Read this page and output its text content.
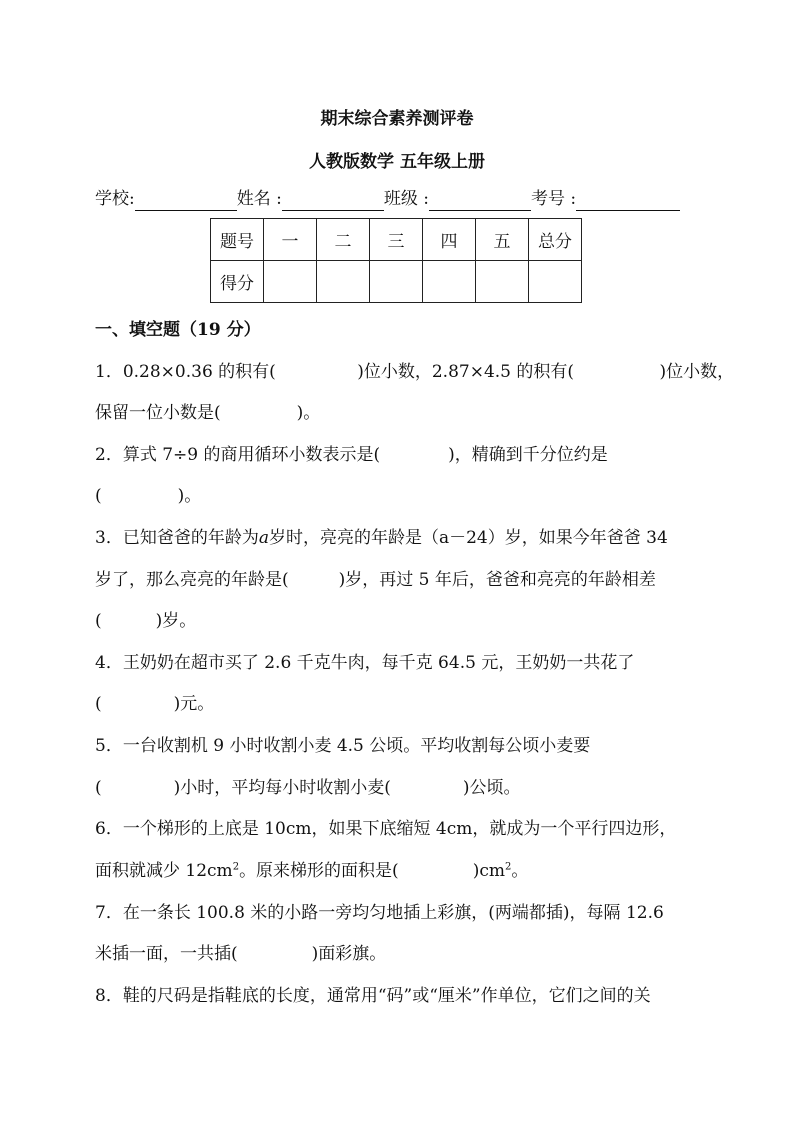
期末综合素养测评卷
人教版数学 五年级上册
学校:	姓名 :	班级 :	考号 :
题号	一	二	三	四	五	总分
得分						
一、填空题（19 分）
1．0.28×0.36 的积有(	)位小数，2.87×4.5 的积有(	)位小数，
保留一位小数是(	)。
2．算式 7÷9 的商用循环小数表示是(	)，精确到千分位约是
(	)。
3．已知爸爸的年龄为a岁时，亮亮的年龄是（a－24）岁，如果今年爸爸 34
岁了，那么亮亮的年龄是(	)岁，再过 5 年后，爸爸和亮亮的年龄相差
(	)岁。
4．王奶奶在超市买了 2.6 千克牛肉，每千克 64.5 元，王奶奶一共花了
(	)元。
5．一台收割机 9 小时收割小麦 4.5 公顷。平均收割每公顷小麦要
(	)小时，平均每小时收割小麦(	)公顷。
6．一个梯形的上底是 10cm，如果下底缩短 4cm，就成为一个平行四边形，
面积就减少 $12cm^2$。原来梯形的面积是(	)$cm^2$。
7．在一条长 100.8 米的小路一旁均匀地插上彩旗，(两端都插)，每隔 12.6
米插一面，一共插(	)面彩旗。
8．鞋的尺码是指鞋底的长度，通常用“码”或“厘米”作单位，它们之间的关
